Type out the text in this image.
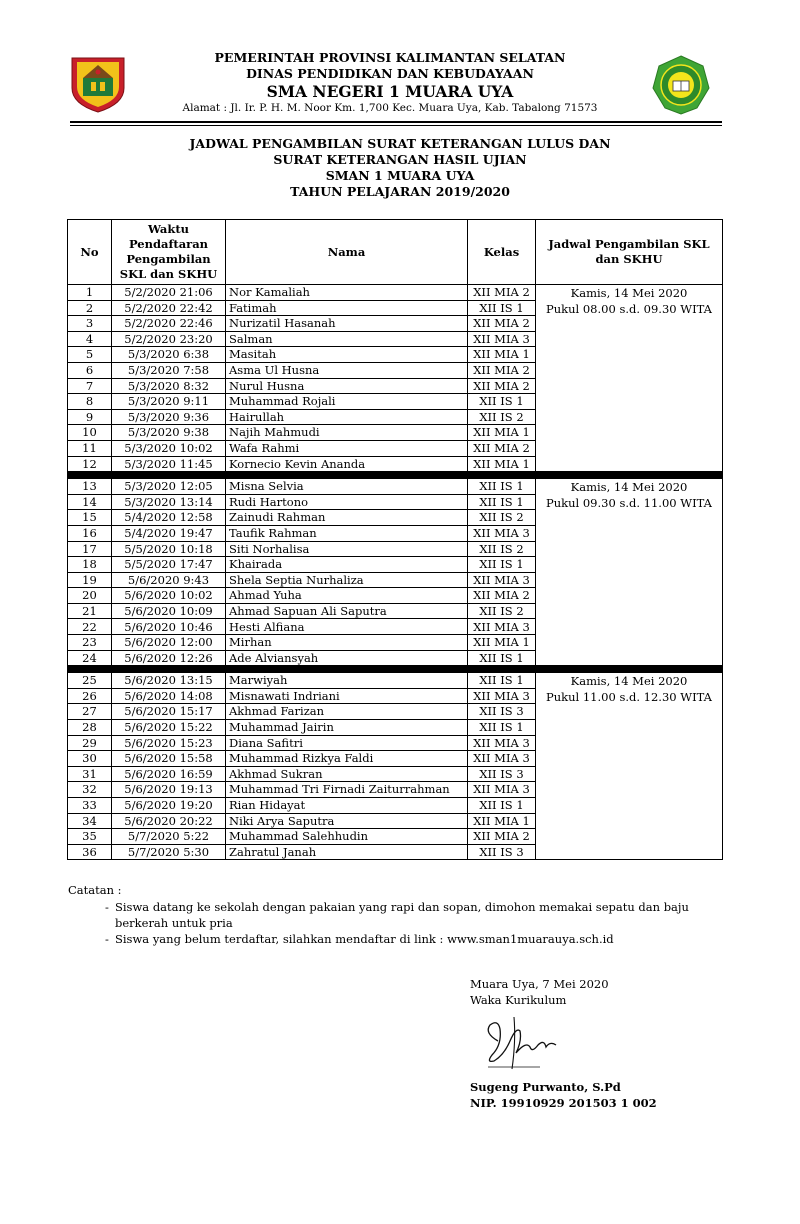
PEMERINTAH PROVINSI KALIMANTAN SELATAN
DINAS PENDIDIKAN DAN KEBUDAYAAN
SMA NEGERI 1 MUARA UYA
Alamat : Jl. Ir. P. H. M. Noor Km. 1,700 Kec. Muara Uya, Kab. Tabalong 71573
JADWAL PENGAMBILAN SURAT KETERANGAN LULUS DAN
SURAT KETERANGAN HASIL UJIAN
SMAN 1 MUARA UYA
TAHUN PELAJARAN 2019/2020
No	Waktu Pendaftaran Pengambilan SKL dan SKHU	Nama	Kelas	Jadwal Pengambilan SKL dan SKHU
1	5/2/2020 21:06	Nor Kamaliah	XII MIA 2	Kamis, 14 Mei 2020
Pukul 08.00 s.d. 09.30 WITA

2	5/2/2020 22:42	Fatimah	XII IS 1	
3	5/2/2020 22:46	Nurizatil Hasanah	XII MIA 2	
4	5/2/2020 23:20	Salman	XII MIA 3	
5	5/3/2020 6:38	Masitah	XII MIA 1	
6	5/3/2020 7:58	Asma Ul Husna	XII MIA 2	
7	5/3/2020 8:32	Nurul Husna	XII MIA 2	
8	5/3/2020 9:11	Muhammad Rojali	XII IS 1	
9	5/3/2020 9:36	Hairullah	XII IS 2	
10	5/3/2020 9:38	Najih Mahmudi	XII MIA 1	
11	5/3/2020 10:02	Wafa Rahmi	XII MIA 2	
12	5/3/2020 11:45	Kornecio Kevin Ananda	XII MIA 1	

13	5/3/2020 12:05	Misna Selvia	XII IS 1	Kamis, 14 Mei 2020
Pukul 09.30 s.d. 11.00 WITA

14	5/3/2020 13:14	Rudi Hartono	XII IS 1	
15	5/4/2020 12:58	Zainudi Rahman	XII IS 2	
16	5/4/2020 19:47	Taufik Rahman	XII MIA 3	
17	5/5/2020 10:18	Siti Norhalisa	XII IS 2	
18	5/5/2020 17:47	Khairada	XII IS 1	
19	5/6/2020 9:43	Shela Septia Nurhaliza	XII MIA 3	
20	5/6/2020 10:02	Ahmad Yuha	XII MIA 2	
21	5/6/2020 10:09	Ahmad Sapuan Ali Saputra	XII IS 2	
22	5/6/2020 10:46	Hesti Alfiana	XII MIA 3	
23	5/6/2020 12:00	Mirhan	XII MIA 1	
24	5/6/2020 12:26	Ade Alviansyah	XII IS 1	

25	5/6/2020 13:15	Marwiyah	XII IS 1	Kamis, 14 Mei 2020
Pukul 11.00 s.d. 12.30 WITA

26	5/6/2020 14:08	Misnawati Indriani	XII MIA 3	
27	5/6/2020 15:17	Akhmad Farizan	XII IS 3	
28	5/6/2020 15:22	Muhammad Jairin	XII IS 1	
29	5/6/2020 15:23	Diana Safitri	XII MIA 3	
30	5/6/2020 15:58	Muhammad Rizkya Faldi	XII MIA 3	
31	5/6/2020 16:59	Akhmad Sukran	XII IS 3	
32	5/6/2020 19:13	Muhammad Tri Firnadi Zaiturrahman	XII MIA 3	
33	5/6/2020 19:20	Rian Hidayat	XII IS 1	
34	5/6/2020 20:22	Niki Arya Saputra	XII MIA 1	
35	5/7/2020 5:22	Muhammad Salehhudin	XII MIA 2	
36	5/7/2020 5:30	Zahratul Janah	XII IS 3	
Catatan :
- Siswa datang ke sekolah dengan pakaian yang rapi dan sopan, dimohon memakai sepatu dan baju berkerah untuk pria
- Siswa yang belum terdaftar, silahkan mendaftar di link : www.sman1muarauya.sch.id
Muara Uya, 7 Mei 2020
Waka Kurikulum
Sugeng Purwanto, S.Pd
NIP. 19910929 201503 1 002
